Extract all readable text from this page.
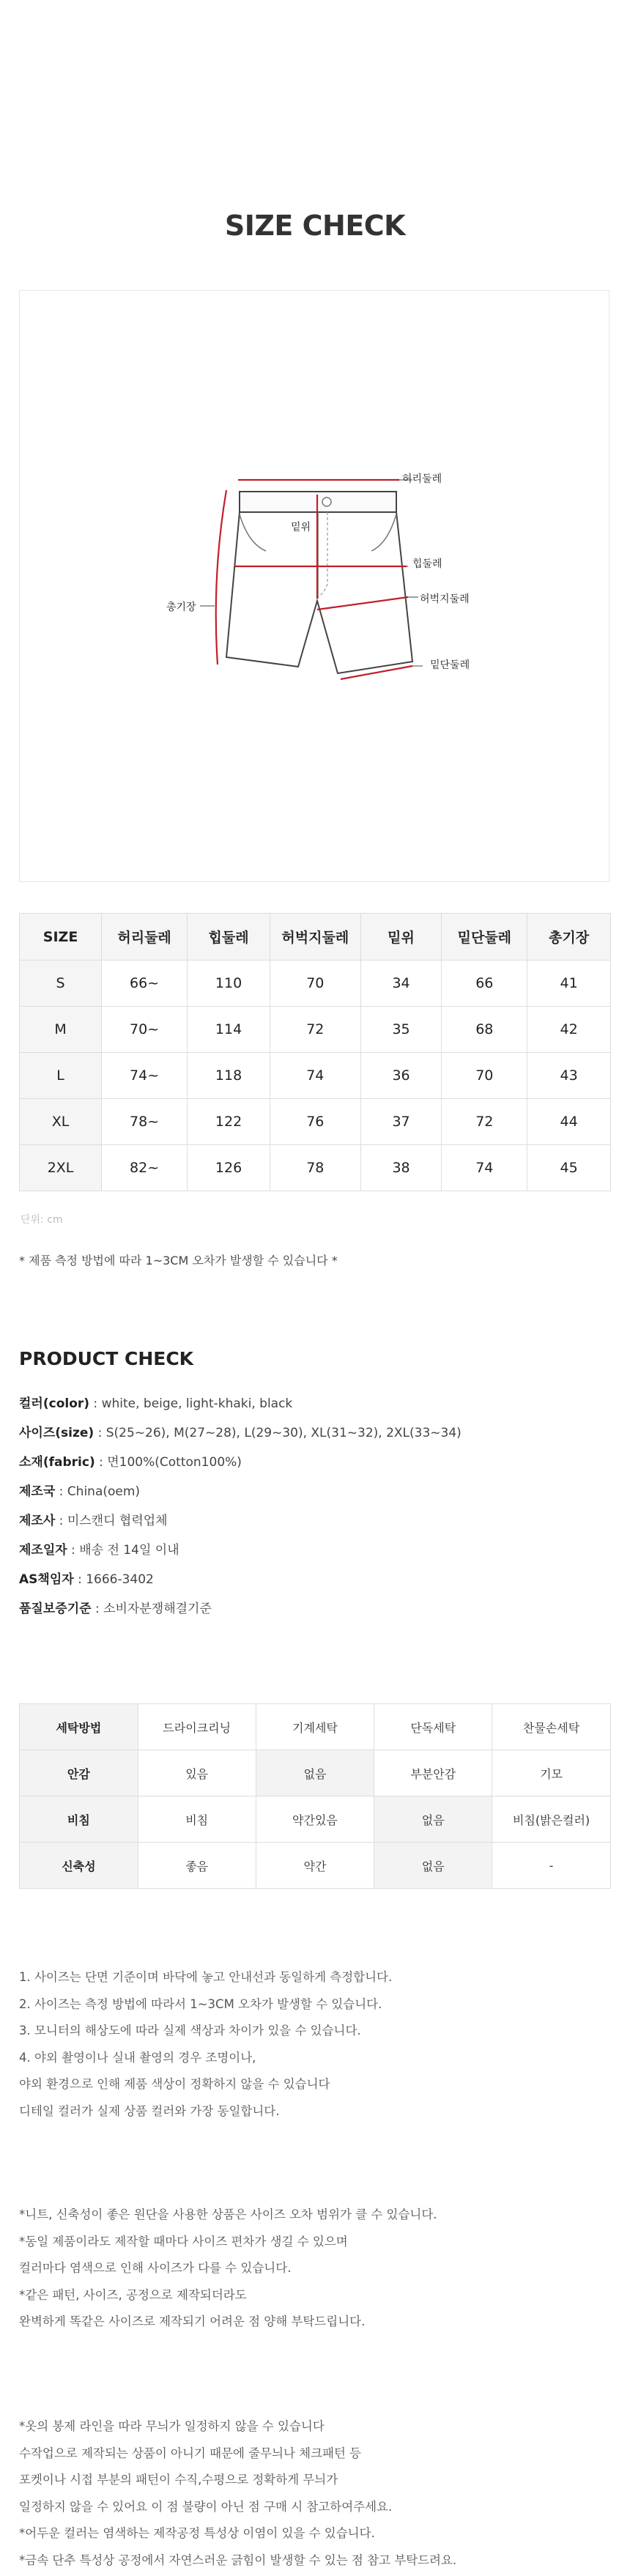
SIZE CHECK
허리둘레
밑위
힙둘레
허벅지둘레
총기장
밑단둘레
SIZE	허리둘레	힙둘레	허벅지둘레	밑위	밑단둘레	총기장
S	66~	110	70	34	66	41
M	70~	114	72	35	68	42
L	74~	118	74	36	70	43
XL	78~	122	76	37	72	44
2XL	82~	126	78	38	74	45
단위: cm
* 제품 측정 방법에 따라 1~3CM 오차가 발생할 수 있습니다 *
PRODUCT CHECK
컬러(color) : white, beige, light-khaki, black
사이즈(size) : S(25~26), M(27~28), L(29~30), XL(31~32), 2XL(33~34)
소재(fabric) : 면100%(Cotton100%)
제조국 : China(oem)
제조사 : 미스캔디 협력업체
제조일자 : 배송 전 14일 이내
AS책임자 : 1666-3402
품질보증기준 : 소비자분쟁해결기준
세탁방법	드라이크리닝	기계세탁	단독세탁	찬물손세탁
안감	있음	없음	부분안감	기모
비침	비침	약간있음	없음	비침(밝은컬러)
신축성	좋음	약간	없음	-
1. 사이즈는 단면 기준이며 바닥에 놓고 안내선과 동일하게 측정합니다.
2. 사이즈는 측정 방법에 따라서 1~3CM 오차가 발생할 수 있습니다.
3. 모니터의 해상도에 따라 실제 색상과 차이가 있을 수 있습니다.
4. 야외 촬영이나 실내 촬영의 경우 조명이나,
야외 환경으로 인해 제품 색상이 정확하지 않을 수 있습니다
디테일 컬러가 실제 상품 컬러와 가장 동일합니다.
*니트, 신축성이 좋은 원단을 사용한 상품은 사이즈 오차 범위가 클 수 있습니다.
*동일 제품이라도 제작할 때마다 사이즈 편차가 생길 수 있으며
컬러마다 염색으로 인해 사이즈가 다를 수 있습니다.
*같은 패턴, 사이즈, 공정으로 제작되더라도
완벽하게 똑같은 사이즈로 제작되기 어려운 점 양해 부탁드립니다.
*옷의 봉제 라인을 따라 무늬가 일정하지 않을 수 있습니다
수작업으로 제작되는 상품이 아니기 때문에 줄무늬나 체크패턴 등
포켓이나 시접 부분의 패턴이 수직,수평으로 정확하게 무늬가
일정하지 않을 수 있어요 이 점 불량이 아닌 점 구매 시 참고하여주세요.
*어두운 컬러는 염색하는 제작공정 특성상 이염이 있을 수 있습니다.
*금속 단추 특성상 공정에서 자연스러운 긁힘이 발생할 수 있는 점 참고 부탁드려요.
